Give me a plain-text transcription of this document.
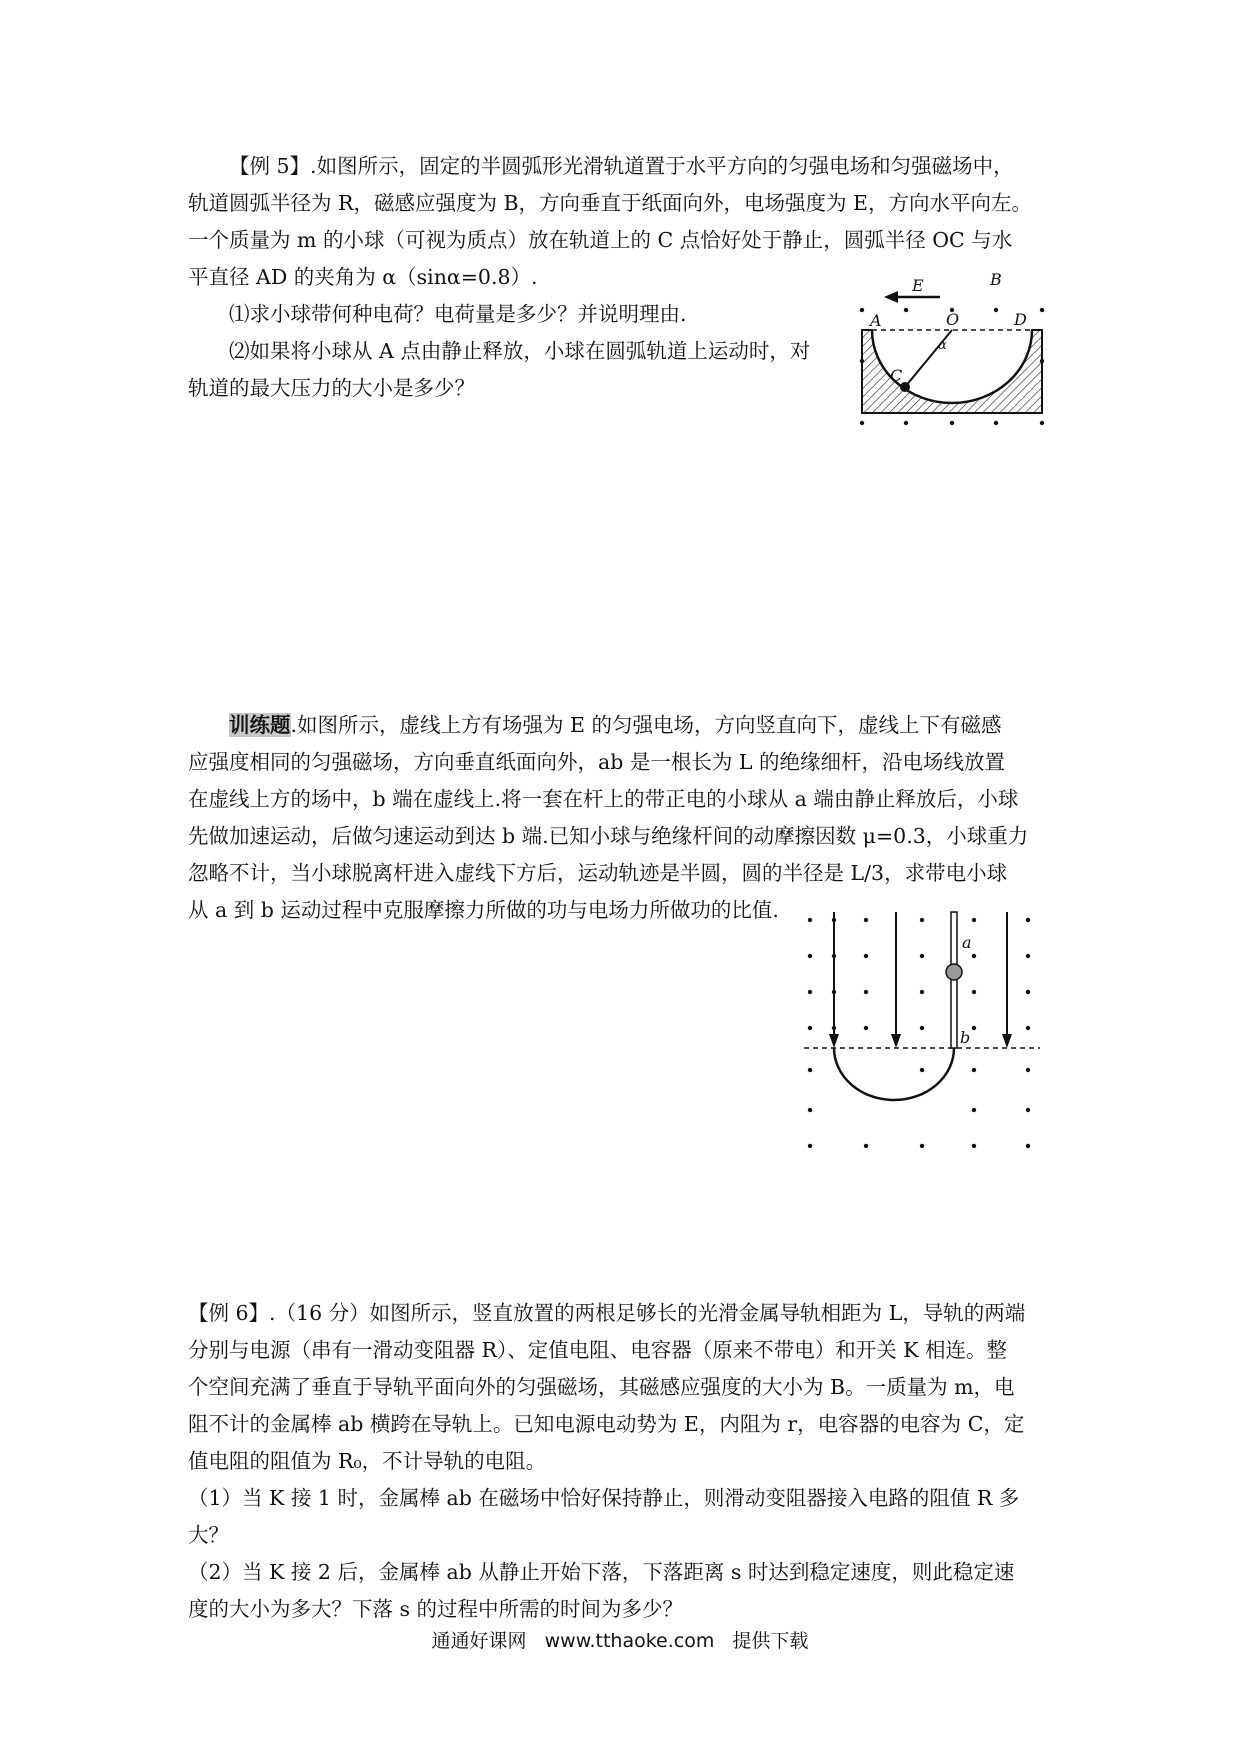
【例 5】.如图所示，固定的半圆弧形光滑轨道置于水平方向的匀强电场和匀强磁场中，

轨道圆弧半径为 R，磁感应强度为 B，方向垂直于纸面向外，电场强度为 E，方向水平向左。

一个质量为 m 的小球（可视为质点）放在轨道上的 C 点恰好处于静止，圆弧半径 OC 与水

平直径 AD 的夹角为 α（sinα=0.8）.

⑴求小球带何种电荷？电荷量是多少？并说明理由.

⑵如果将小球从 A 点由静止释放，小球在圆弧轨道上运动时，对

轨道的最大压力的大小是多少？

E	B
A	O	D
C
α

训练题.如图所示，虚线上方有场强为 E 的匀强电场，方向竖直向下，虚线上下有磁感

应强度相同的匀强磁场，方向垂直纸面向外，ab 是一根长为 L 的绝缘细杆，沿电场线放置

在虚线上方的场中，b 端在虚线上.将一套在杆上的带正电的小球从 a 端由静止释放后，小球

先做加速运动，后做匀速运动到达 b 端.已知小球与绝缘杆间的动摩擦因数 μ=0.3，小球重力

忽略不计，当小球脱离杆进入虚线下方后，运动轨迹是半圆，圆的半径是 L/3，求带电小球

从 a 到 b 运动过程中克服摩擦力所做的功与电场力所做功的比值.

a
b

【例 6】.（16 分）如图所示，竖直放置的两根足够长的光滑金属导轨相距为 L，导轨的两端

分别与电源（串有一滑动变阻器 R）、定值电阻、电容器（原来不带电）和开关 K 相连。整

个空间充满了垂直于导轨平面向外的匀强磁场，其磁感应强度的大小为 B。一质量为 m，电

阻不计的金属棒 ab 横跨在导轨上。已知电源电动势为 E，内阻为 r，电容器的电容为 C，定

值电阻的阻值为 R₀，不计导轨的电阻。

（1）当 K 接 1 时，金属棒 ab 在磁场中恰好保持静止，则滑动变阻器接入电路的阻值 R 多

大？

（2）当 K 接 2 后，金属棒 ab 从静止开始下落，下落距离 s 时达到稳定速度，则此稳定速

度的大小为多大？下落 s 的过程中所需的时间为多少？

通通好课网 www.tthaoke.com 提供下载
